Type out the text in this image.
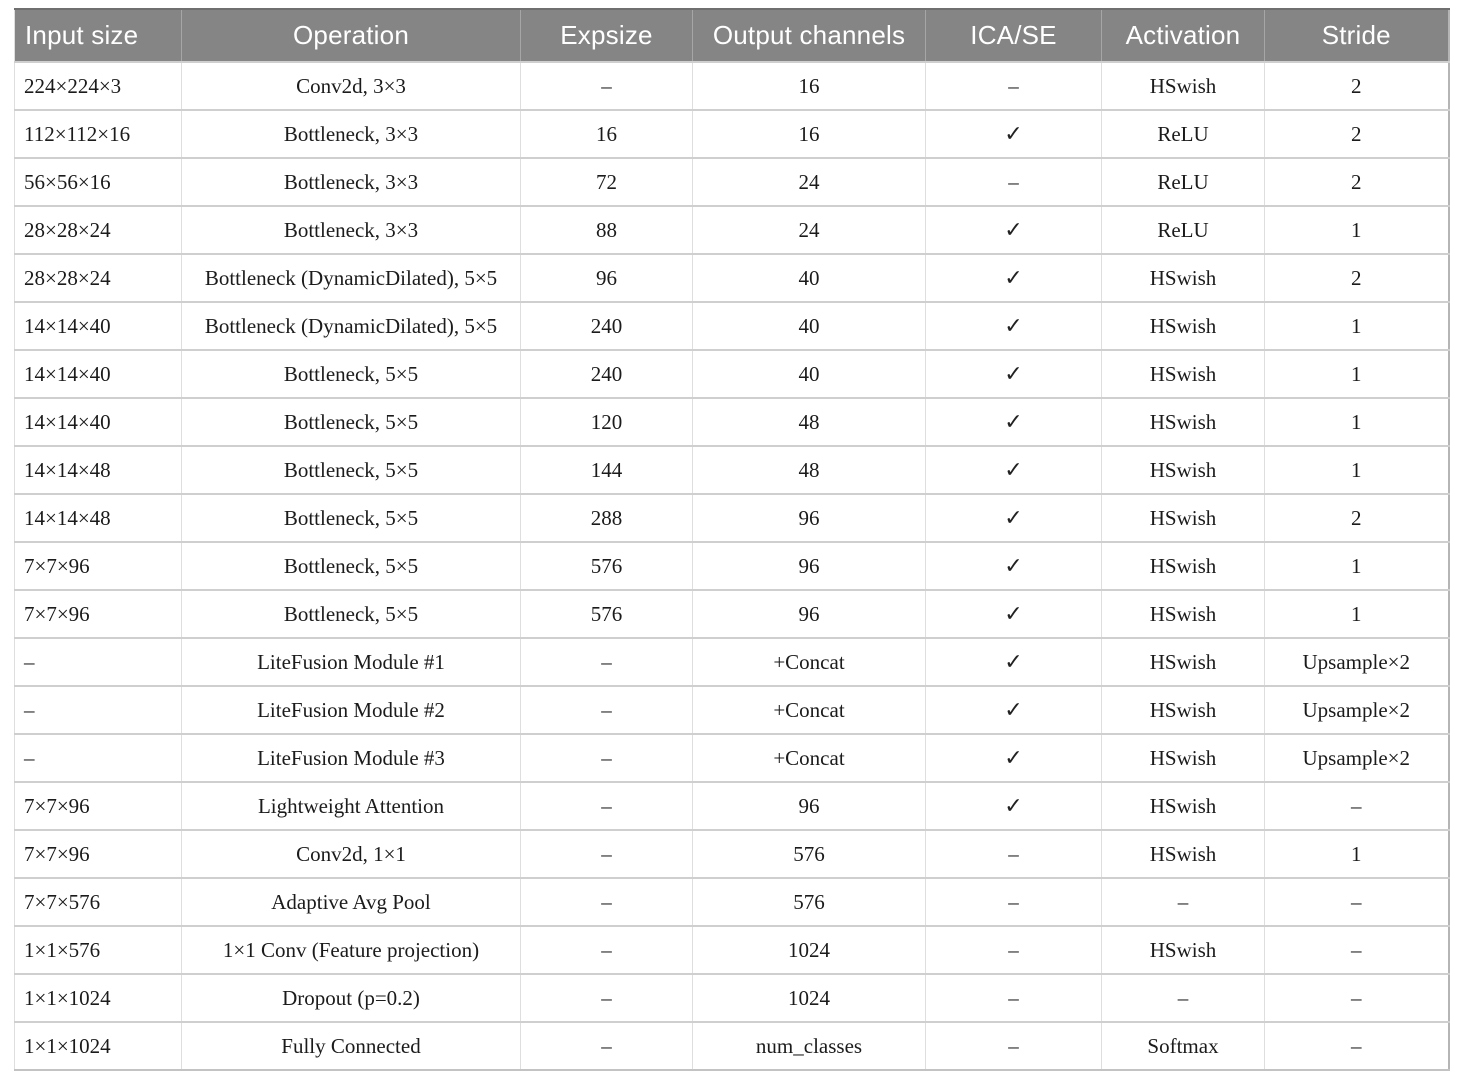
Input size	Operation	Expsize	Output channels	ICA/SE	Activation	Stride
224×224×3	Conv2d, 3×3	–	16	–	HSwish	2
112×112×16	Bottleneck, 3×3	16	16	✓	ReLU	2
56×56×16	Bottleneck, 3×3	72	24	–	ReLU	2
28×28×24	Bottleneck, 3×3	88	24	✓	ReLU	1
28×28×24	Bottleneck (DynamicDilated), 5×5	96	40	✓	HSwish	2
14×14×40	Bottleneck (DynamicDilated), 5×5	240	40	✓	HSwish	1
14×14×40	Bottleneck, 5×5	240	40	✓	HSwish	1
14×14×40	Bottleneck, 5×5	120	48	✓	HSwish	1
14×14×48	Bottleneck, 5×5	144	48	✓	HSwish	1
14×14×48	Bottleneck, 5×5	288	96	✓	HSwish	2
7×7×96	Bottleneck, 5×5	576	96	✓	HSwish	1
7×7×96	Bottleneck, 5×5	576	96	✓	HSwish	1
–	LiteFusion Module #1	–	+Concat	✓	HSwish	Upsample×2
–	LiteFusion Module #2	–	+Concat	✓	HSwish	Upsample×2
–	LiteFusion Module #3	–	+Concat	✓	HSwish	Upsample×2
7×7×96	Lightweight Attention	–	96	✓	HSwish	–
7×7×96	Conv2d, 1×1	–	576	–	HSwish	1
7×7×576	Adaptive Avg Pool	–	576	–	–	–
1×1×576	1×1 Conv (Feature projection)	–	1024	–	HSwish	–
1×1×1024	Dropout (p=0.2)	–	1024	–	–	–
1×1×1024	Fully Connected	–	num_classes	–	Softmax	–
